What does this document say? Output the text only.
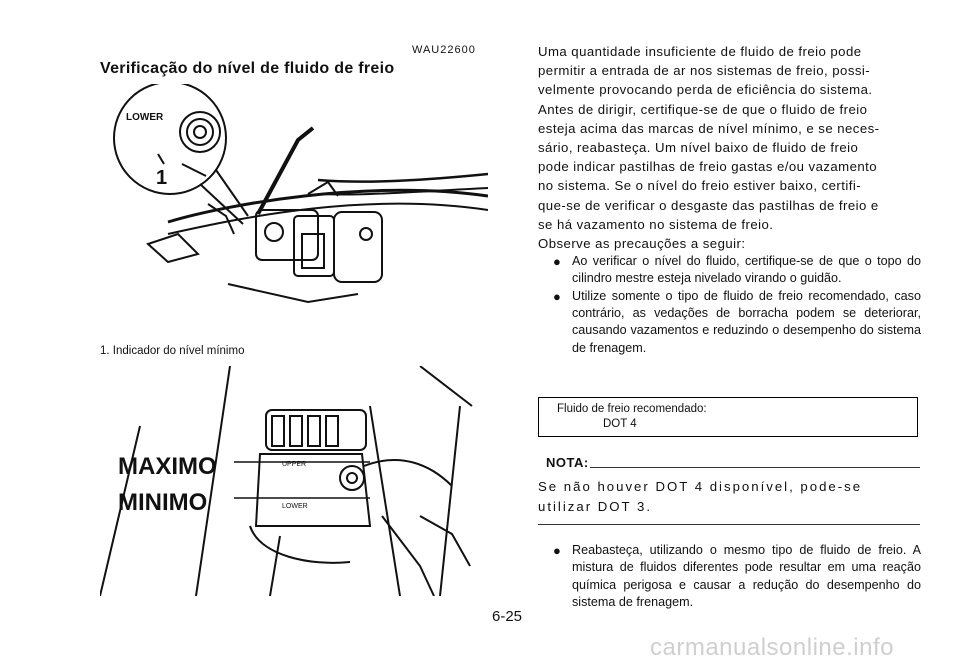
WAU22600
Verificação do nível de fluido de freio
LOWER
1
1. Indicador do nível mínimo
MAXIMO
MINIMO
UPPER
LOWER

Uma quantidade insuficiente de fluido de freio pode

permitir a entrada de ar nos sistemas de freio, possi-

velmente provocando perda de eficiência do sistema.

Antes de dirigir, certifique-se de que o fluido de freio

esteja acima das marcas de nível mínimo, e se neces-

sário, reabasteça. Um nível baixo de fluido de freio

pode indicar pastilhas de freio gastas e/ou vazamento

no sistema. Se o nível do freio estiver baixo, certifi-

que-se de verificar o desgaste das pastilhas de freio e

se há vazamento no sistema de freio.

Observe as precauções a seguir:

● Ao verificar o nível do fluido, certifique-se de que o topo do cilindro mestre esteja nivelado virando o guidão.
● Utilize somente o tipo de fluido de freio recomendado, caso contrário, as vedações de borracha podem se deteriorar, causando vazamentos e reduzindo o desempenho do sistema de frenagem.
Fluido de freio recomendado:
DOT 4
NOTA:

Se não houver DOT 4 disponível, pode-se utilizar DOT 3.

● Reabasteça, utilizando o mesmo tipo de fluido de freio. A mistura de fluidos diferentes pode resultar em uma reação química perigosa e causar a redução do desempenho do sistema de frenagem.
6-25
carmanualsonline.info
